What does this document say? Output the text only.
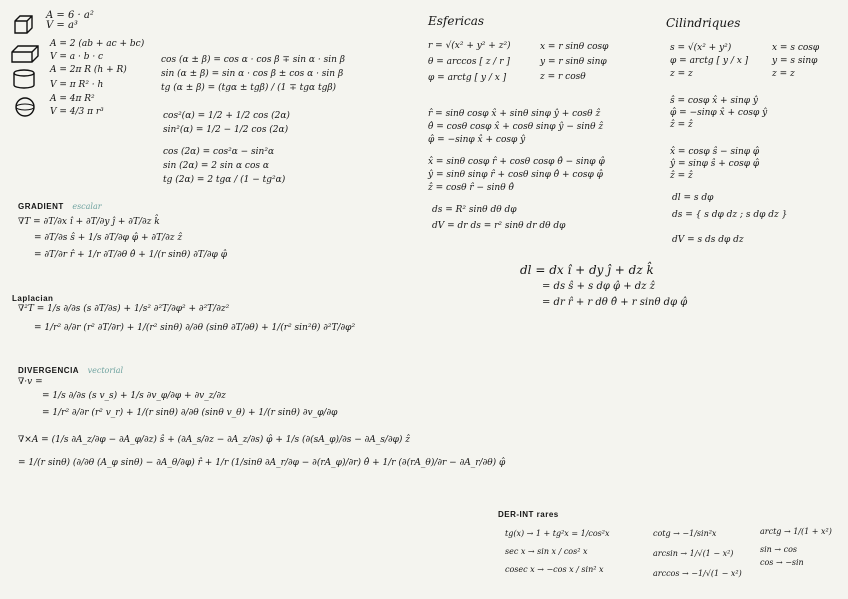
A = 6 · a²
V = a³
A = 2 (ab + ac + bc)
V = a · b · c
A = 2π R (h + R)
V = π R² · h
A = 4π R²
V = 4/3 π r³
cos (α ± β) = cos α · cos β ∓ sin α · sin β
sin (α ± β) = sin α · cos β ± cos α · sin β
tg (α ± β) = (tgα ± tgβ) / (1 ∓ tgα tgβ)
cos²(α) = 1/2 + 1/2 cos (2α)
sin²(α) = 1/2 − 1/2 cos (2α)
cos (2α) = cos²α − sin²α
sin (2α) = 2 sin α cos α
tg (2α) = 2 tgα / (1 − tg²α)
GRADIENT escalar
∇T = ∂T/∂x î + ∂T/∂y ĵ + ∂T/∂z k̂
= ∂T/∂s ŝ + 1/s ∂T/∂φ φ̂ + ∂T/∂z ẑ
= ∂T/∂r r̂ + 1/r ∂T/∂θ θ̂ + 1/(r sinθ) ∂T/∂φ φ̂
Laplacian
∇²T = 1/s ∂/∂s (s ∂T/∂s) + 1/s² ∂²T/∂φ² + ∂²T/∂z²
= 1/r² ∂/∂r (r² ∂T/∂r) + 1/(r² sinθ) ∂/∂θ (sinθ ∂T/∂θ) + 1/(r² sin²θ) ∂²T/∂φ²
DIVERGENCIA vectorial
∇·v =
= 1/s ∂/∂s (s v_s) + 1/s ∂v_φ/∂φ + ∂v_z/∂z
= 1/r² ∂/∂r (r² v_r) + 1/(r sinθ) ∂/∂θ (sinθ v_θ) + 1/(r sinθ) ∂v_φ/∂φ
∇×A = (1/s ∂A_z/∂φ − ∂A_φ/∂z) ŝ + (∂A_s/∂z − ∂A_z/∂s) φ̂ + 1/s (∂(sA_φ)/∂s − ∂A_s/∂φ) ẑ
= 1/(r sinθ) (∂/∂θ (A_φ sinθ) − ∂A_θ/∂φ) r̂ + 1/r (1/sinθ ∂A_r/∂φ − ∂(rA_φ)/∂r) θ̂ + 1/r (∂(rA_θ)/∂r − ∂A_r/∂θ) φ̂
Esfericas
r = √(x² + y² + z²)
θ = arccos [ z / r ]
φ = arctg [ y / x ]
x = r sinθ cosφ
y = r sinθ sinφ
z = r cosθ
r̂ = sinθ cosφ x̂ + sinθ sinφ ŷ + cosθ ẑ
θ̂ = cosθ cosφ x̂ + cosθ sinφ ŷ − sinθ ẑ
φ̂ = −sinφ x̂ + cosφ ŷ
x̂ = sinθ cosφ r̂ + cosθ cosφ θ̂ − sinφ φ̂
ŷ = sinθ sinφ r̂ + cosθ sinφ θ̂ + cosφ φ̂
ẑ = cosθ r̂ − sinθ θ̂
ds = R² sinθ dθ dφ
dV = dr ds = r² sinθ dr dθ dφ
Cilindriques
s = √(x² + y²)
φ = arctg [ y / x ]
z = z
x = s cosφ
y = s sinφ
z = z
ŝ = cosφ x̂ + sinφ ŷ
φ̂ = −sinφ x̂ + cosφ ŷ
ẑ = ẑ
x̂ = cosφ ŝ − sinφ φ̂
ŷ = sinφ ŝ + cosφ φ̂
ẑ = ẑ
dl = s dφ
ds = { s dφ dz ; s dφ dz }
dV = s ds dφ dz
dl = dx î + dy ĵ + dz k̂
= ds ŝ + s dφ φ̂ + dz ẑ
= dr r̂ + r dθ θ̂ + r sinθ dφ φ̂
DER-INT rares
tg(x) → 1 + tg²x = 1/cos²x
sec x → sin x / cos² x
cosec x → −cos x / sin² x
cotg → −1/sin²x
arcsin → 1/√(1 − x²)
arccos → −1/√(1 − x²)
arctg → 1/(1 + x²)
sin → cos
cos → −sin
